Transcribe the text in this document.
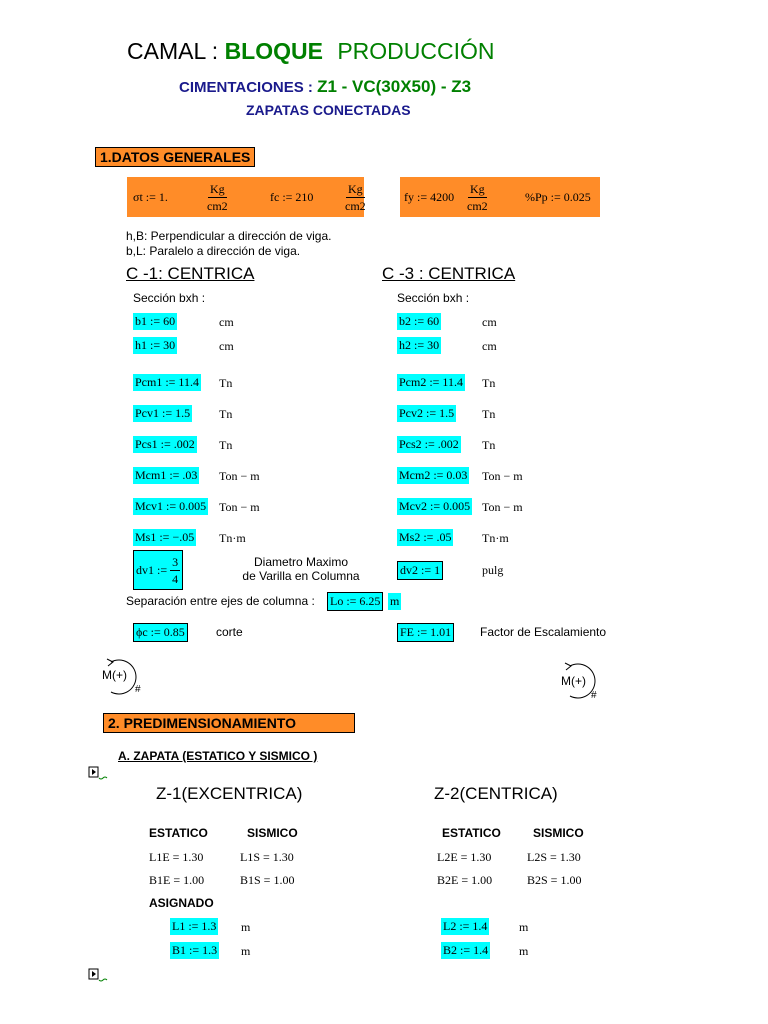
CAMAL : BLOQUE PRODUCCIÓN
CIMENTACIONES : Z1 - VC(30X50) - Z3
ZAPATAS CONECTADAS
1.DATOS GENERALES
σt := 1.	$\frac{Kg}{cm2}$	fc := 210	$\frac{Kg}{cm2}$	fy := $4200 \frac{Kg}{cm2}$	%Pp := 0.025
h,B: Perpendicular a dirección de viga.
b,L: Paralelo a dirección de viga.
C -1: CENTRICA	C -3 : CENTRICA
Sección bxh :	Sección bxh :
b1 := 60	cm
h1 := 30	cm
Pcm1 := 11.4 Tn
Pcv1 := 1.5 Tn
Pcs1 := .002 Tn
Mcm1 := .03 Ton − m
Mcv1 := 0.005 Ton − m
Ms1 := −.05 Tn·m
dv1 :=
$\frac{3}{4}$	Diametro Maximo
de Varilla en Columna
b2 := 60	cm
h2 := 30	cm
Pcm2 := 11.4 Tn
Pcv2 := 1.5 Tn
Pcs2 := .002 Tn
Mcm2 := 0.03 Ton − m
Mcv2 := 0.005 Ton − m
Ms2 := .05	Tn·m
dv2 := 1	pulg
Separación entre ejes de columna : Lo := 6.25 m
ϕc := 0.85	corte	FE := 1.01 Factor de Escalamiento
M(+)
#
M(+)
#
2. PREDIMENSIONAMIENTO
A. ZAPATA (ESTATICO Y SISMICO )
Z-1(EXCENTRICA)
ESTATICO	SISMICO
L1E = 1.30	L1S = 1.30
B1E = 1.00	B1S = 1.00
ASIGNADO
L1 := 1.3 m
B1 := 1.3 m
Z-2(CENTRICA)
ESTATICO	SISMICO
L2E = 1.30	L2S = 1.30
B2E = 1.00	B2S = 1.00
L2 := 1.4	m
B2 := 1.4	m
